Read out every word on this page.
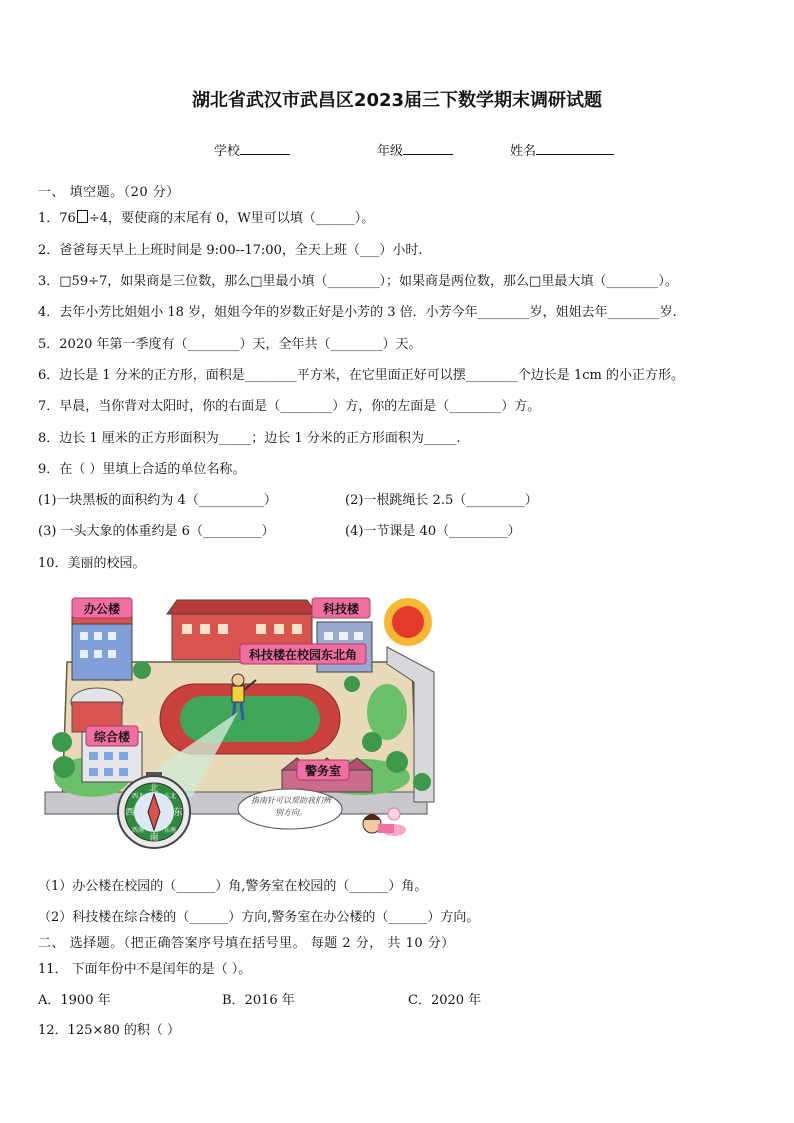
湖北省武汉市武昌区2023届三下数学期末调研试题
学校	年级	姓名
一、 填空题。（20 分）
1．76 ÷4，要使商的末尾有 0，W里可以填（______）。
2．爸爸每天早上上班时间是 9:00--17:00，全天上班（___）小时.
3．□59÷7，如果商是三位数，那么□里最小填（________）；如果商是两位数，那么□里最大填（________）。
4．去年小芳比姐姐小 18 岁，姐姐今年的岁数正好是小芳的 3 倍．小芳今年________岁，姐姐去年________岁.
5．2020 年第一季度有（________）天，全年共（________）天。
6．边长是 1 分米的正方形，面积是________平方米，在它里面正好可以摆________个边长是 1cm 的小正方形。
7．早晨，当你背对太阳时，你的右面是（________）方，你的左面是（________）方。
8．边长 1 厘米的正方形面积为_____；边长 1 分米的正方形面积为_____.
9．在（ ）里填上合适的单位名称。
(1)一块黑板的面积约为 4（__________）	(2)一根跳绳长 2.5（_________）
(3) 一头大象的体重约是 6（_________）	(4)一节课是 40（_________）
10．美丽的校园。
办公楼	科技楼
科技楼在校园东北角
综合楼
警务室
北
南
东
西
东北
西北
东南
西南
指南针可以帮助我们辨别方向。
（1）办公楼在校园的（______）角,警务室在校园的（______）角。
（2）科技楼在综合楼的（______）方向,警务室在办公楼的（______）方向。
二、 选择题。（把正确答案序号填在括号里。 每题 2 分， 共 10 分）
11． 下面年份中不是闰年的是（ ）。
A．1900 年	B．2016 年	C．2020 年
12．125×80 的积（ ）
